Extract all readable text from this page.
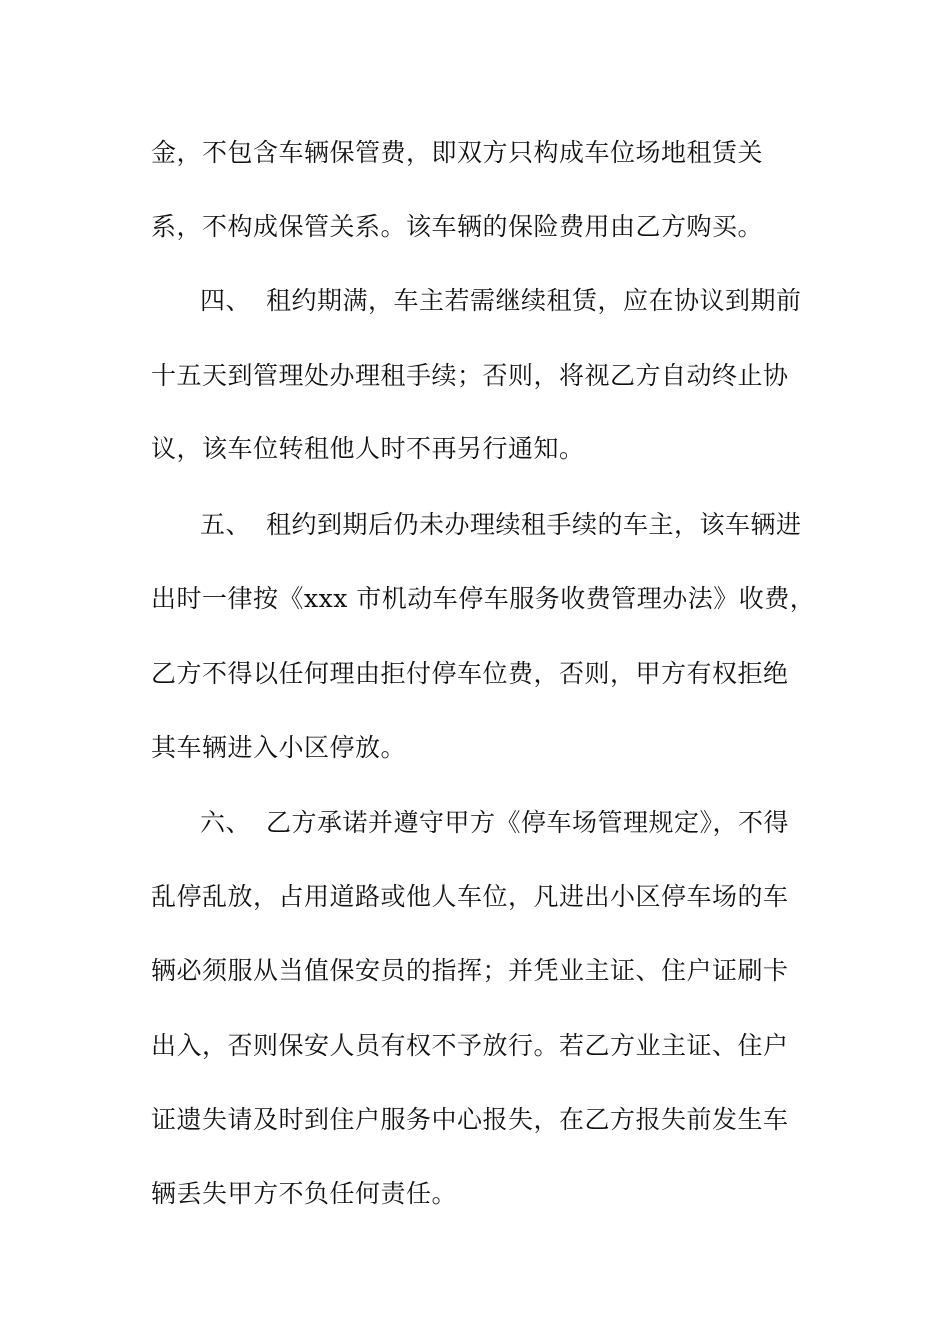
金，不包含车辆保管费，即双方只构成车位场地租赁关
系，不构成保管关系。该车辆的保险费用由乙方购买。
四、 租约期满，车主若需继续租赁，应在协议到期前
十五天到管理处办理租手续；否则，将视乙方自动终止协
议，该车位转租他人时不再另行通知。
五、 租约到期后仍未办理续租手续的车主，该车辆进
出时一律按《xxx 市机动车停车服务收费管理办法》收费，
乙方不得以任何理由拒付停车位费，否则，甲方有权拒绝
其车辆进入小区停放。
六、 乙方承诺并遵守甲方《停车场管理规定》，不得
乱停乱放，占用道路或他人车位，凡进出小区停车场的车
辆必须服从当值保安员的指挥；并凭业主证、住户证刷卡
出入，否则保安人员有权不予放行。若乙方业主证、住户
证遗失请及时到住户服务中心报失，在乙方报失前发生车
辆丢失甲方不负任何责任。
